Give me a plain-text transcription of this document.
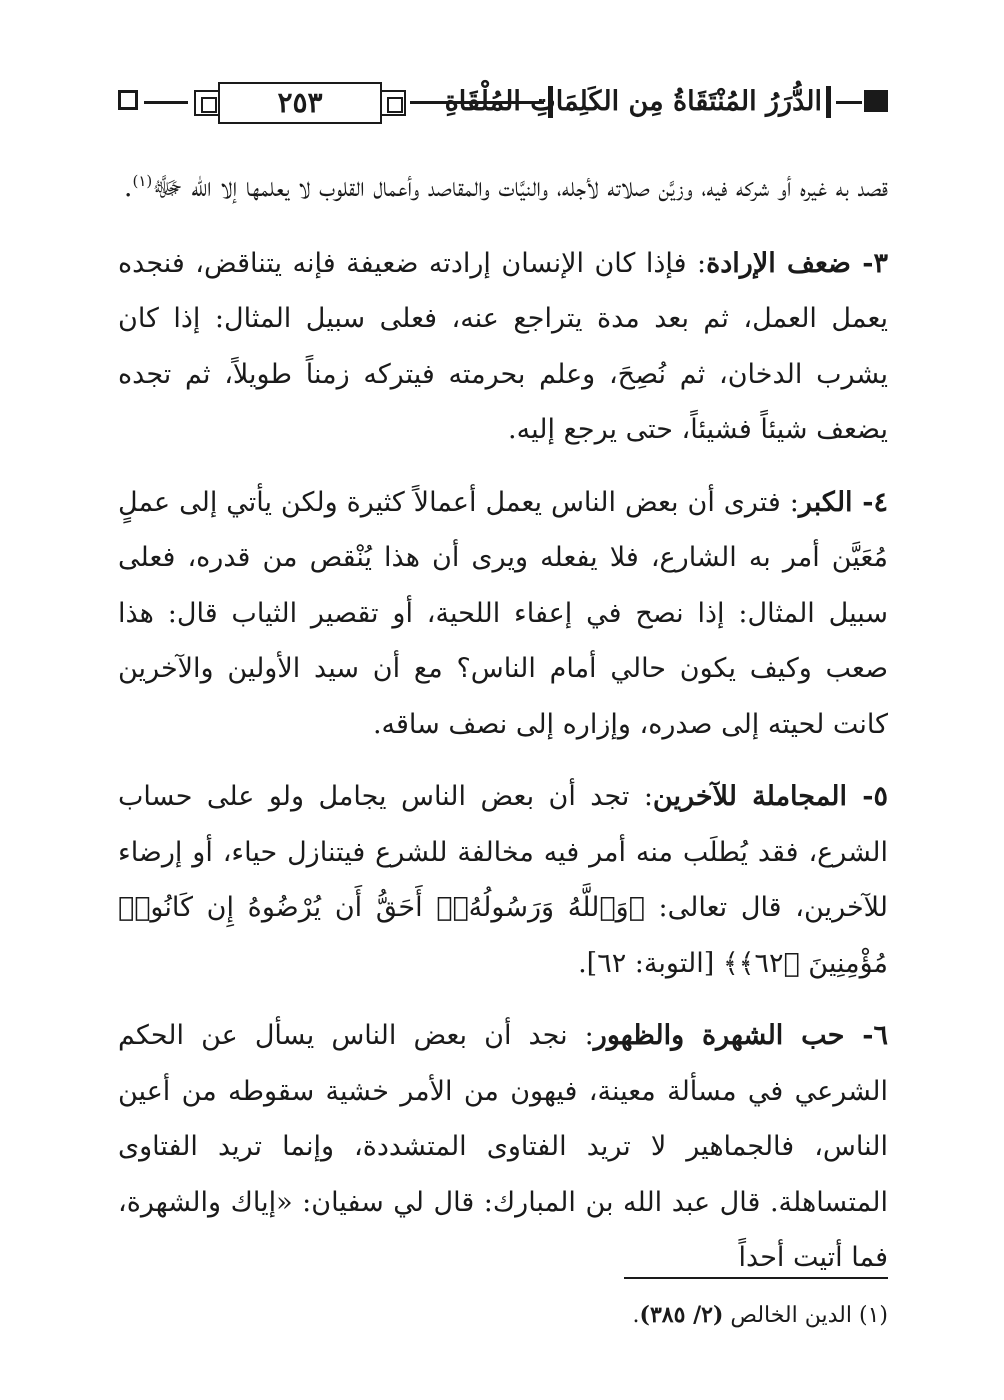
٢٥٣	الدُّرَرُ المُنْتَقَاةُ مِن الكَلِمَاتِ المُلْقَاةِ

قصد به غيره أو شركه فيه، وزيَّن صلاته لأجله، والنيَّات والمقاصد وأعمال القلوب لا يعلمها إلا الله ﷻ$^{(١)}$.

٣- ضعف الإرادة: فإذا كان الإنسان إرادته ضعيفة فإنه يتناقض، فنجده يعمل العمل، ثم بعد مدة يتراجع عنه، فعلى سبيل المثال: إذا كان يشرب الدخان، ثم نُصِحَ، وعلم بحرمته فيتركه زمناً طويلاً، ثم تجده يضعف شيئاً فشيئاً، حتى يرجع إليه.

٤- الكبر: فترى أن بعض الناس يعمل أعمالاً كثيرة ولكن يأتي إلى عملٍ مُعَيَّن أمر به الشارع، فلا يفعله ويرى أن هذا يُنْقص من قدره، فعلى سبيل المثال: إذا نصح في إعفاء اللحية، أو تقصير الثياب قال: هذا صعب وكيف يكون حالي أمام الناس؟ مع أن سيد الأولين والآخرين كانت لحيته إلى صدره، وإزاره إلى نصف ساقه.

٥- المجاملة للآخرين: تجد أن بعض الناس يجامل ولو على حساب الشرع، فقد يُطلَب منه أمر فيه مخالفة للشرع فيتنازل حياء، أو إرضاء للآخرين، قال تعالى: ﴿وَٱللَّهُ وَرَسُولُهُۥٓ أَحَقُّ أَن يُرْضُوهُ إِن كَانُوا۟ مُؤْمِنِينَ ﴿٦٢﴾﴾ [التوبة: ٦٢].

٦- حب الشهرة والظهور: نجد أن بعض الناس يسأل عن الحكم الشرعي في مسألة معينة، فيهون من الأمر خشية سقوطه من أعين الناس، فالجماهير لا تريد الفتاوى المتشددة، وإنما تريد الفتاوى المتساهلة. قال عبد الله بن المبارك: قال لي سفيان: «إياك والشهرة، فما أتيت أحداً

(١) الدين الخالص (٢/ ٣٨٥).
